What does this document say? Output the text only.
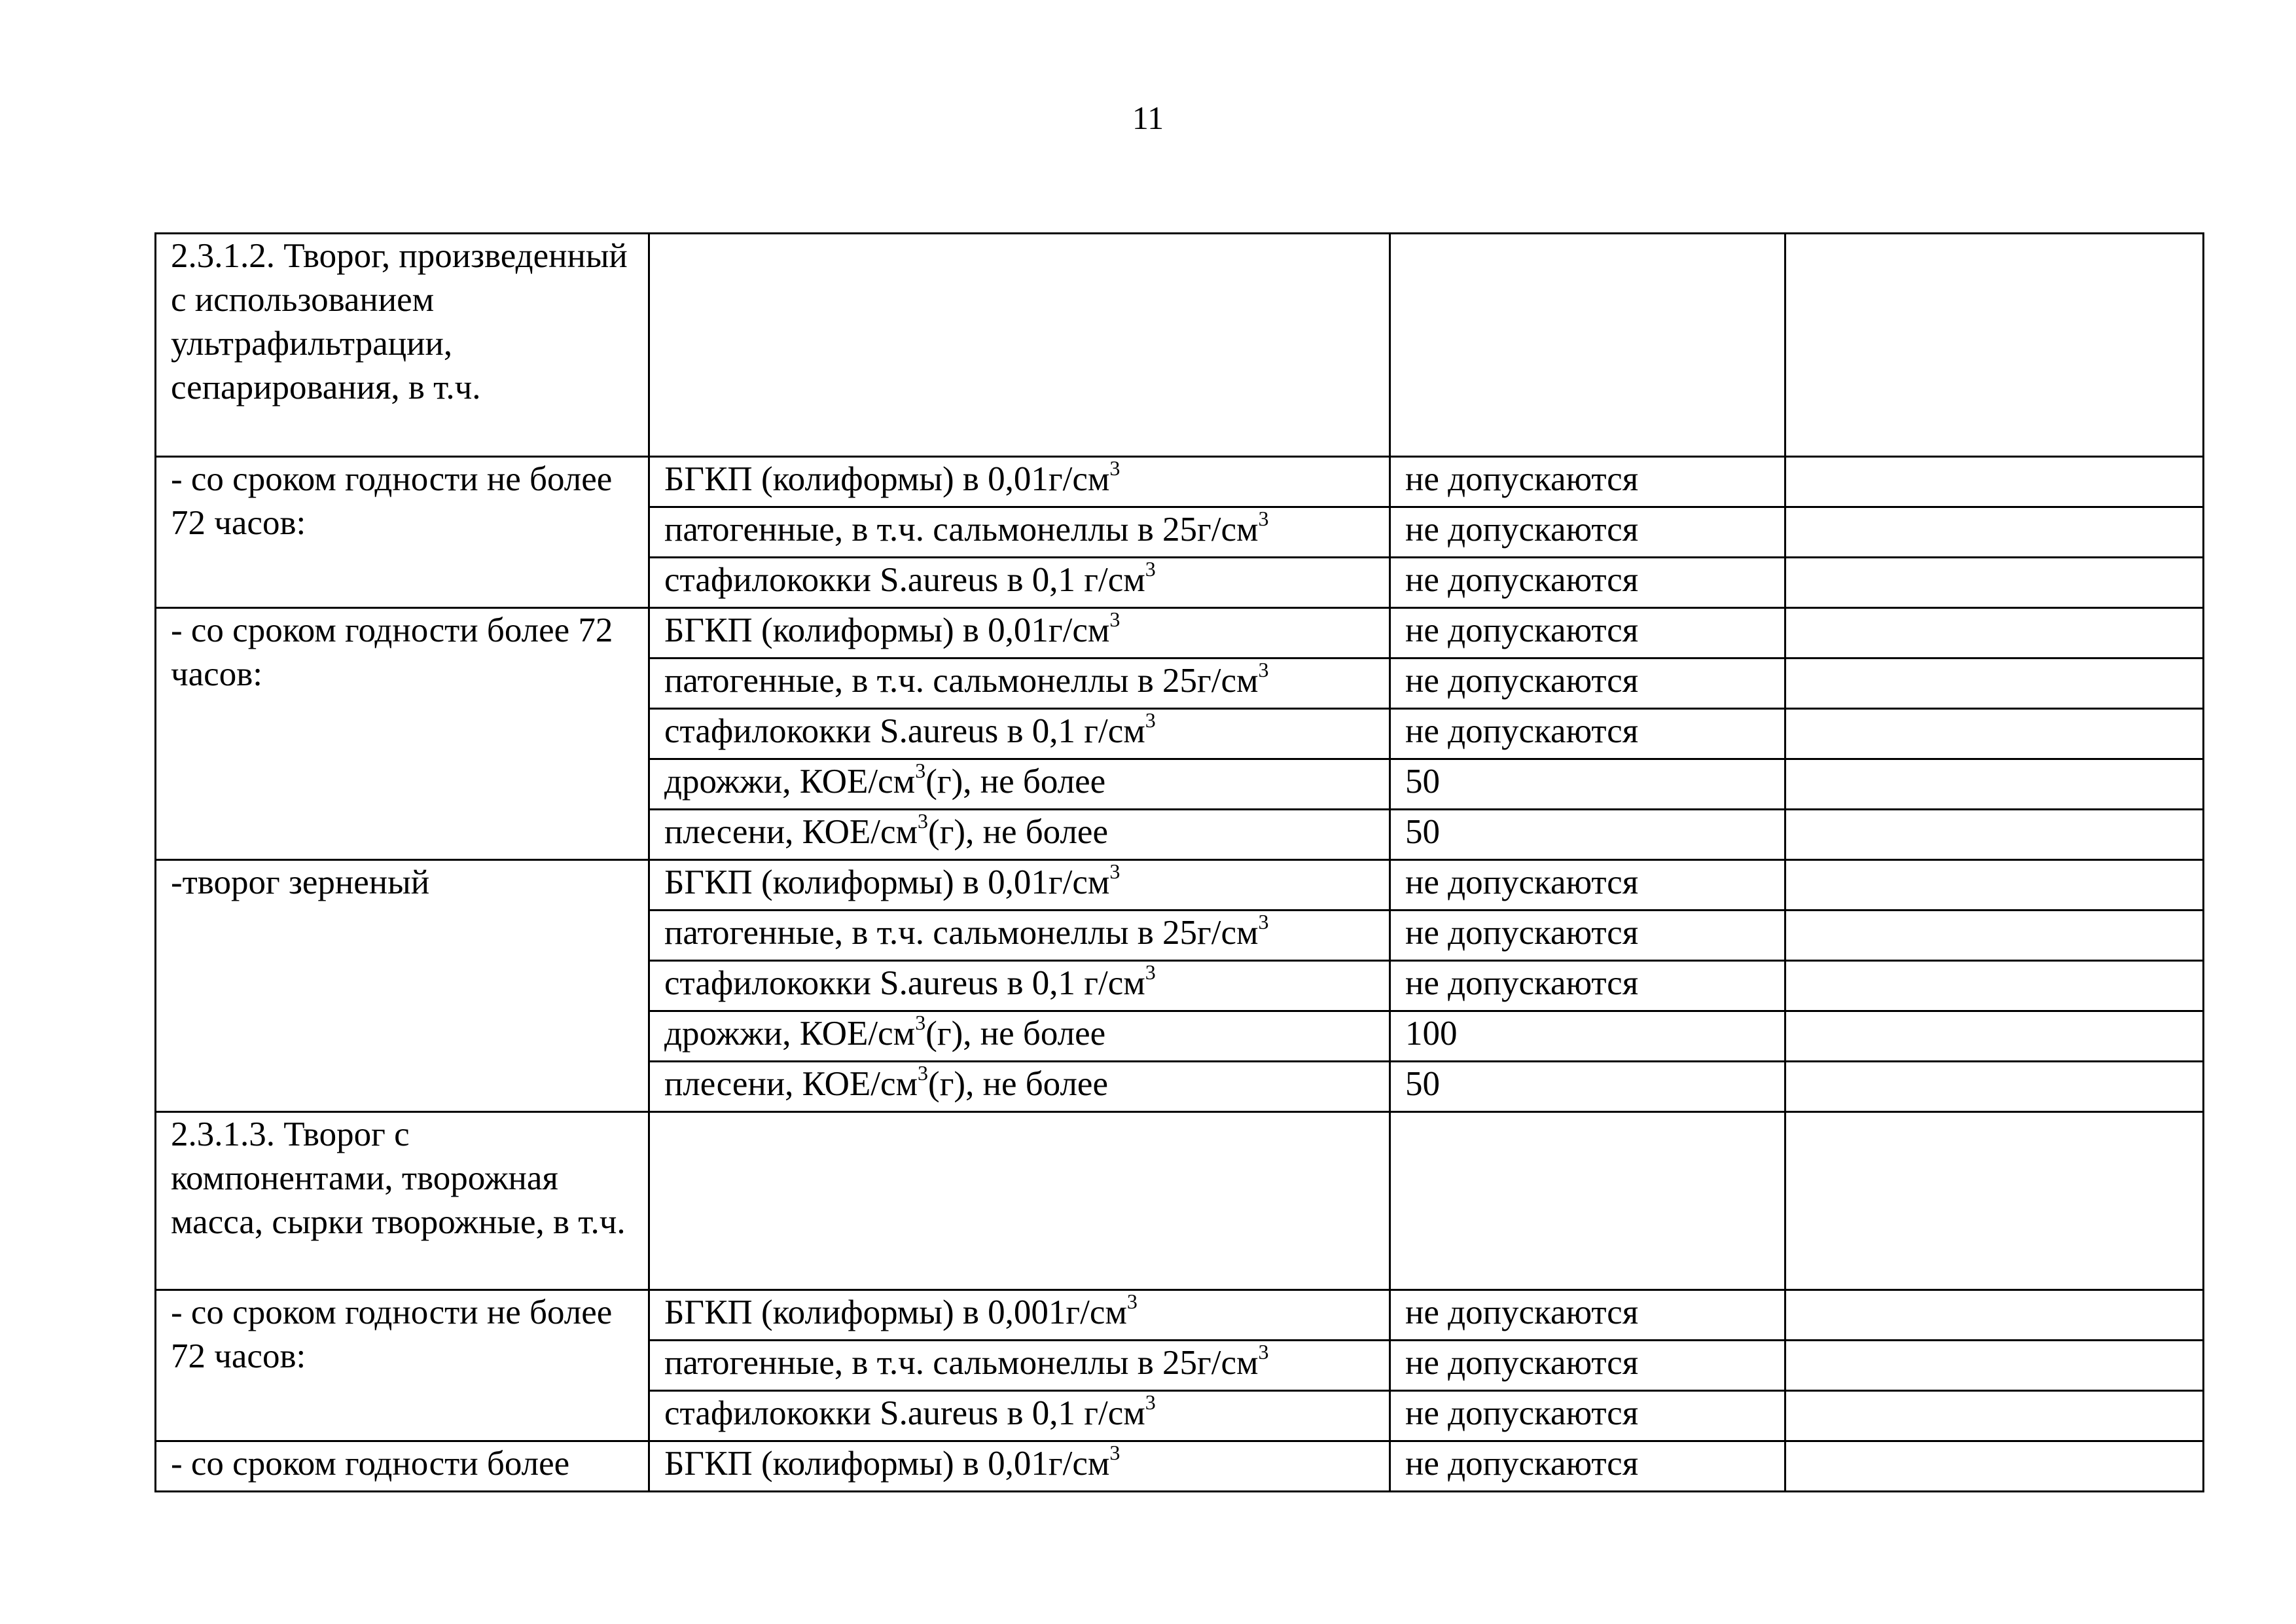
11
2.3.1.2. Творог, произведенный с использованием ультрафильтрации, сепарирования, в т.ч.			
- со сроком годности не более 72 часов:	БГКП (колиформы) в $0,01г/см^3$	не допускаются	
	патогенные, в т.ч. сальмонеллы в $25г/см^3$	не допускаются	
	стафилококки S.aureus в 0,1 $г/см^3$	не допускаются	
- со сроком годности более 72 часов:	БГКП (колиформы) в $0,01г/см^3$	не допускаются	
	патогенные, в т.ч. сальмонеллы в $25г/см^3$	не допускаются	
	стафилококки S.aureus в 0,1 $г/см^3$	не допускаются	
	дрожжи, КОЕ/$см^3(г)$, не более	50	
	плесени, КОЕ/$см^3(г)$, не более	50	
-творог зерненый	БГКП (колиформы) в $0,01г/см^3$	не допускаются	
	патогенные, в т.ч. сальмонеллы в $25г/см^3$	не допускаются	
	стафилококки S.aureus в 0,1 $г/см^3$	не допускаются	
	дрожжи, КОЕ/$см^3(г)$, не более	100	
	плесени, КОЕ/$см^3(г)$, не более	50	
2.3.1.3. Творог с компонентами, творожная масса, сырки творожные, в т.ч.			
- со сроком годности не более 72 часов:	БГКП (колиформы) в $0,001г/см^3$	не допускаются	
	патогенные, в т.ч. сальмонеллы в $25г/см^3$	не допускаются	
	стафилококки S.aureus в 0,1 $г/см^3$	не допускаются	
- со сроком годности более	БГКП (колиформы) в $0,01г/см^3$	не допускаются	
